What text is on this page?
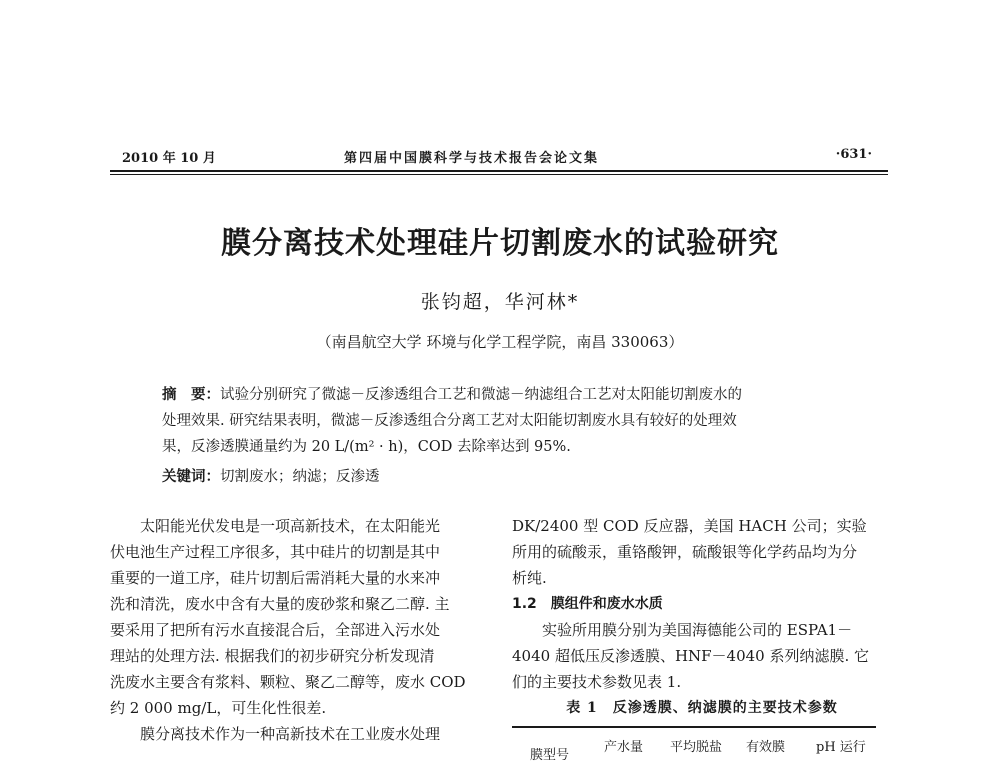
2010 年 10 月	第四届中国膜科学与技术报告会论文集	·631·
膜分离技术处理硅片切割废水的试验研究
张钧超，华河林*
（南昌航空大学 环境与化学工程学院，南昌 330063）
摘　要：试验分别研究了微滤－反渗透组合工艺和微滤－纳滤组合工艺对太阳能切割废水的
处理效果. 研究结果表明，微滤－反渗透组合分离工艺对太阳能切割废水具有较好的处理效
果，反渗透膜通量约为 20 L/(m² · h)，COD 去除率达到 95%.
关键词：切割废水；纳滤；反渗透
太阳能光伏发电是一项高新技术，在太阳能光
伏电池生产过程工序很多，其中硅片的切割是其中
重要的一道工序，硅片切割后需消耗大量的水来冲
洗和清洗，废水中含有大量的废砂浆和聚乙二醇. 主
要采用了把所有污水直接混合后，全部进入污水处
理站的处理方法. 根据我们的初步研究分析发现清
洗废水主要含有浆料、颗粒、聚乙二醇等，废水 COD
约 2 000 mg/L，可生化性很差.
膜分离技术作为一种高新技术在工业废水处理
DK/2400 型 COD 反应器，美国 HACH 公司；实验
所用的硫酸汞，重铬酸钾，硫酸银等化学药品均为分
析纯.
1.2　膜组件和废水水质
实验所用膜分别为美国海德能公司的 ESPA1－
4040 超低压反渗透膜、HNF－4040 系列纳滤膜. 它
们的主要技术参数见表 1.
表 1　反渗透膜、纳滤膜的主要技术参数
膜型号
产水量 平均脱盐 有效膜 pH 运行
